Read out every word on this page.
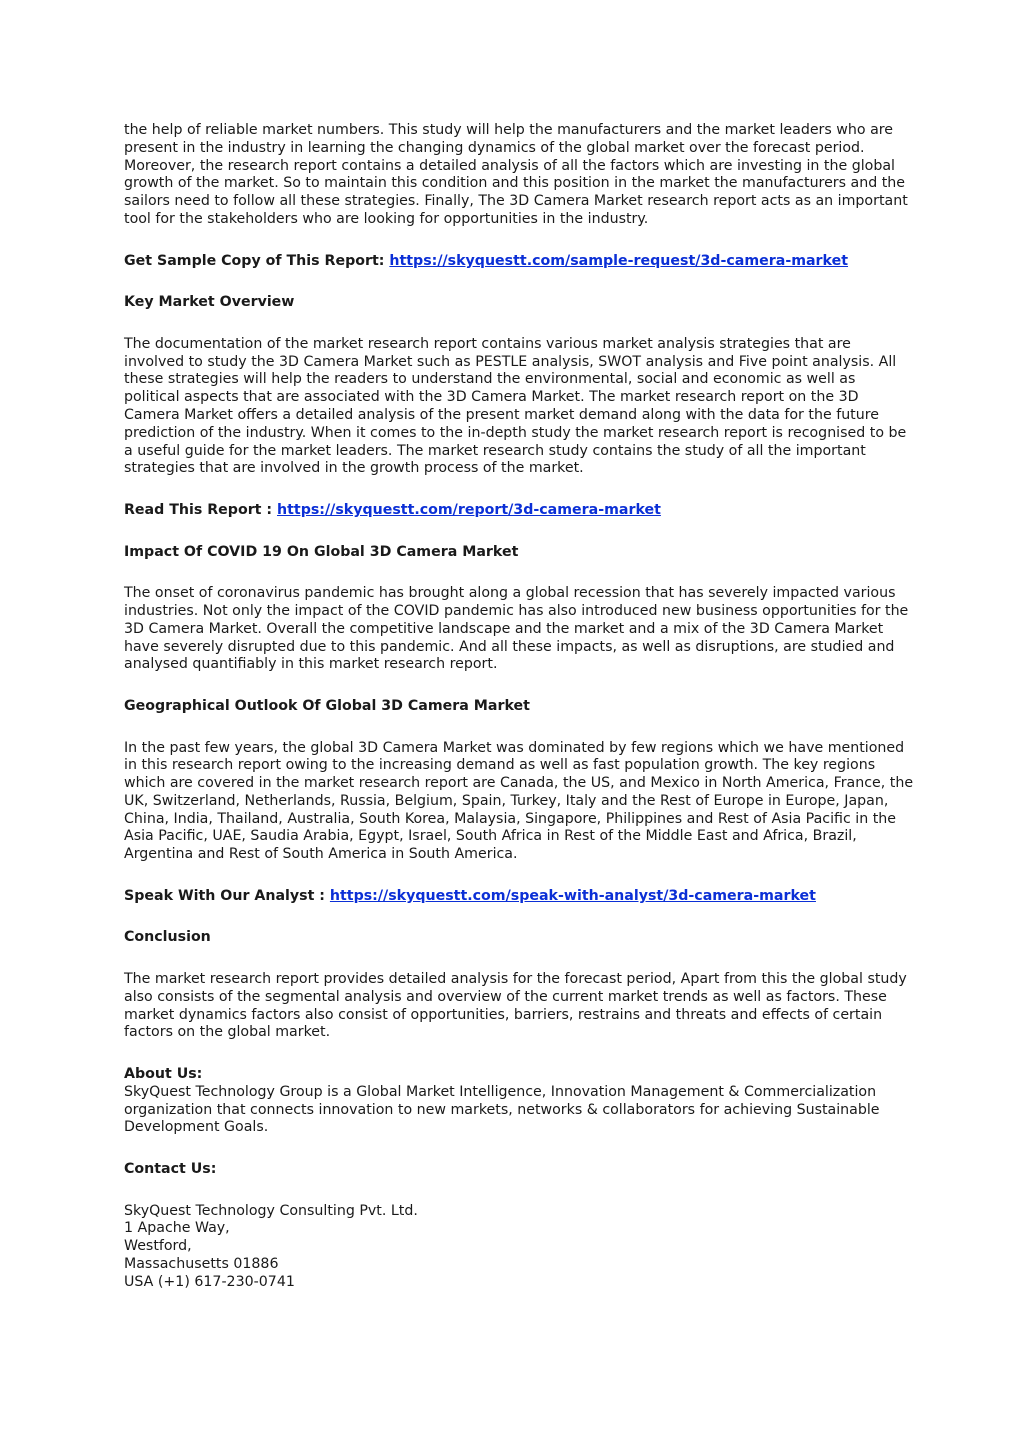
the help of reliable market numbers. This study will help the manufacturers and the market leaders who are present in the industry in learning the changing dynamics of the global market over the forecast period. Moreover, the research report contains a detailed analysis of all the factors which are investing in the global growth of the market. So to maintain this condition and this position in the market the manufacturers and the sailors need to follow all these strategies. Finally, The 3D Camera Market research report acts as an important tool for the stakeholders who are looking for opportunities in the industry.

Get Sample Copy of This Report: https://skyquestt.com/sample-request/3d-camera-market

Key Market Overview

The documentation of the market research report contains various market analysis strategies that are involved to study the 3D Camera Market such as PESTLE analysis, SWOT analysis and Five point analysis. All these strategies will help the readers to understand the environmental, social and economic as well as political aspects that are associated with the 3D Camera Market. The market research report on the 3D Camera Market offers a detailed analysis of the present market demand along with the data for the future prediction of the industry. When it comes to the in-depth study the market research report is recognised to be a useful guide for the market leaders. The market research study contains the study of all the important strategies that are involved in the growth process of the market.

Read This Report : https://skyquestt.com/report/3d-camera-market

Impact Of COVID 19 On Global 3D Camera Market

The onset of coronavirus pandemic has brought along a global recession that has severely impacted various industries. Not only the impact of the COVID pandemic has also introduced new business opportunities for the 3D Camera Market. Overall the competitive landscape and the market and a mix of the 3D Camera Market have severely disrupted due to this pandemic. And all these impacts, as well as disruptions, are studied and analysed quantifiably in this market research report.

Geographical Outlook Of Global 3D Camera Market

In the past few years, the global 3D Camera Market was dominated by few regions which we have mentioned in this research report owing to the increasing demand as well as fast population growth. The key regions which are covered in the market research report are Canada, the US, and Mexico in North America, France, the UK, Switzerland, Netherlands, Russia, Belgium, Spain, Turkey, Italy and the Rest of Europe in Europe, Japan, China, India, Thailand, Australia, South Korea, Malaysia, Singapore, Philippines and Rest of Asia Pacific in the Asia Pacific, UAE, Saudia Arabia, Egypt, Israel, South Africa in Rest of the Middle East and Africa, Brazil, Argentina and Rest of South America in South America.

Speak With Our Analyst : https://skyquestt.com/speak-with-analyst/3d-camera-market

Conclusion

The market research report provides detailed analysis for the forecast period, Apart from this the global study also consists of the segmental analysis and overview of the current market trends as well as factors. These market dynamics factors also consist of opportunities, barriers, restrains and threats and effects of certain factors on the global market.

About Us:

SkyQuest Technology Group is a Global Market Intelligence, Innovation Management & Commercialization organization that connects innovation to new markets, networks & collaborators for achieving Sustainable Development Goals.

Contact Us:

SkyQuest Technology Consulting Pvt. Ltd.
1 Apache Way,
Westford,
Massachusetts 01886
USA (+1) 617-230-0741
